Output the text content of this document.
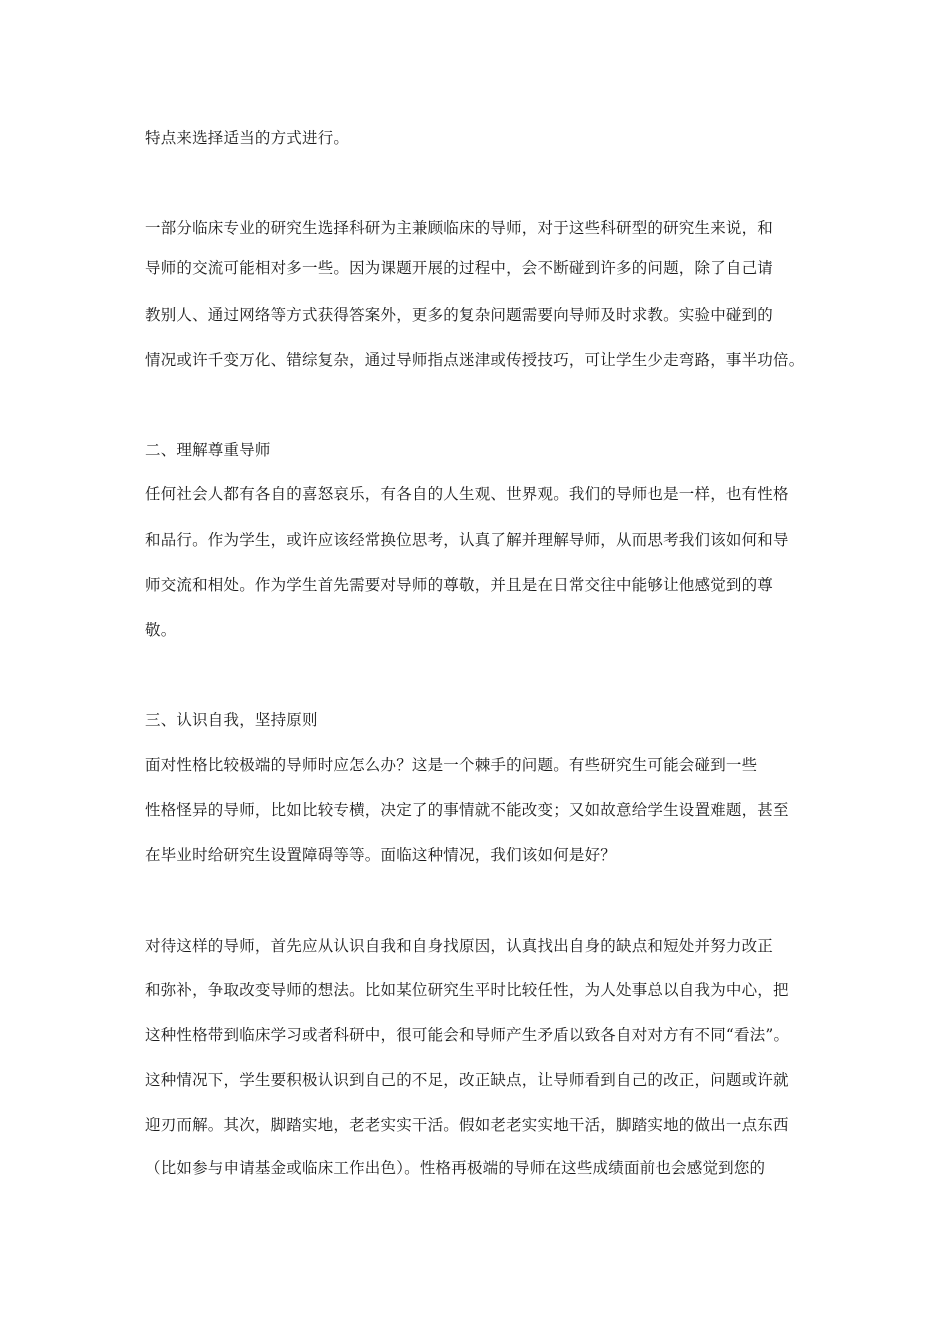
特点来选择适当的方式进行。
一部分临床专业的研究生选择科研为主兼顾临床的导师，对于这些科研型的研究生来说，和
导师的交流可能相对多一些。因为课题开展的过程中，会不断碰到许多的问题，除了自己请
教别人、通过网络等方式获得答案外，更多的复杂问题需要向导师及时求教。实验中碰到的
情况或许千变万化、错综复杂，通过导师指点迷津或传授技巧，可让学生少走弯路，事半功倍。
二、理解尊重导师
任何社会人都有各自的喜怒哀乐，有各自的人生观、世界观。我们的导师也是一样，也有性格
和品行。作为学生，或许应该经常换位思考，认真了解并理解导师，从而思考我们该如何和导
师交流和相处。作为学生首先需要对导师的尊敬，并且是在日常交往中能够让他感觉到的尊
敬。
三、认识自我，坚持原则
面对性格比较极端的导师时应怎么办？这是一个棘手的问题。有些研究生可能会碰到一些
性格怪异的导师，比如比较专横，决定了的事情就不能改变；又如故意给学生设置难题，甚至
在毕业时给研究生设置障碍等等。面临这种情况，我们该如何是好？
对待这样的导师，首先应从认识自我和自身找原因，认真找出自身的缺点和短处并努力改正
和弥补，争取改变导师的想法。比如某位研究生平时比较任性，为人处事总以自我为中心，把
这种性格带到临床学习或者科研中，很可能会和导师产生矛盾以致各自对对方有不同“看法”。
这种情况下，学生要积极认识到自己的不足，改正缺点，让导师看到自己的改正，问题或许就
迎刃而解。其次，脚踏实地，老老实实干活。假如老老实实地干活，脚踏实地的做出一点东西
（比如参与申请基金或临床工作出色）。性格再极端的导师在这些成绩面前也会感觉到您的
